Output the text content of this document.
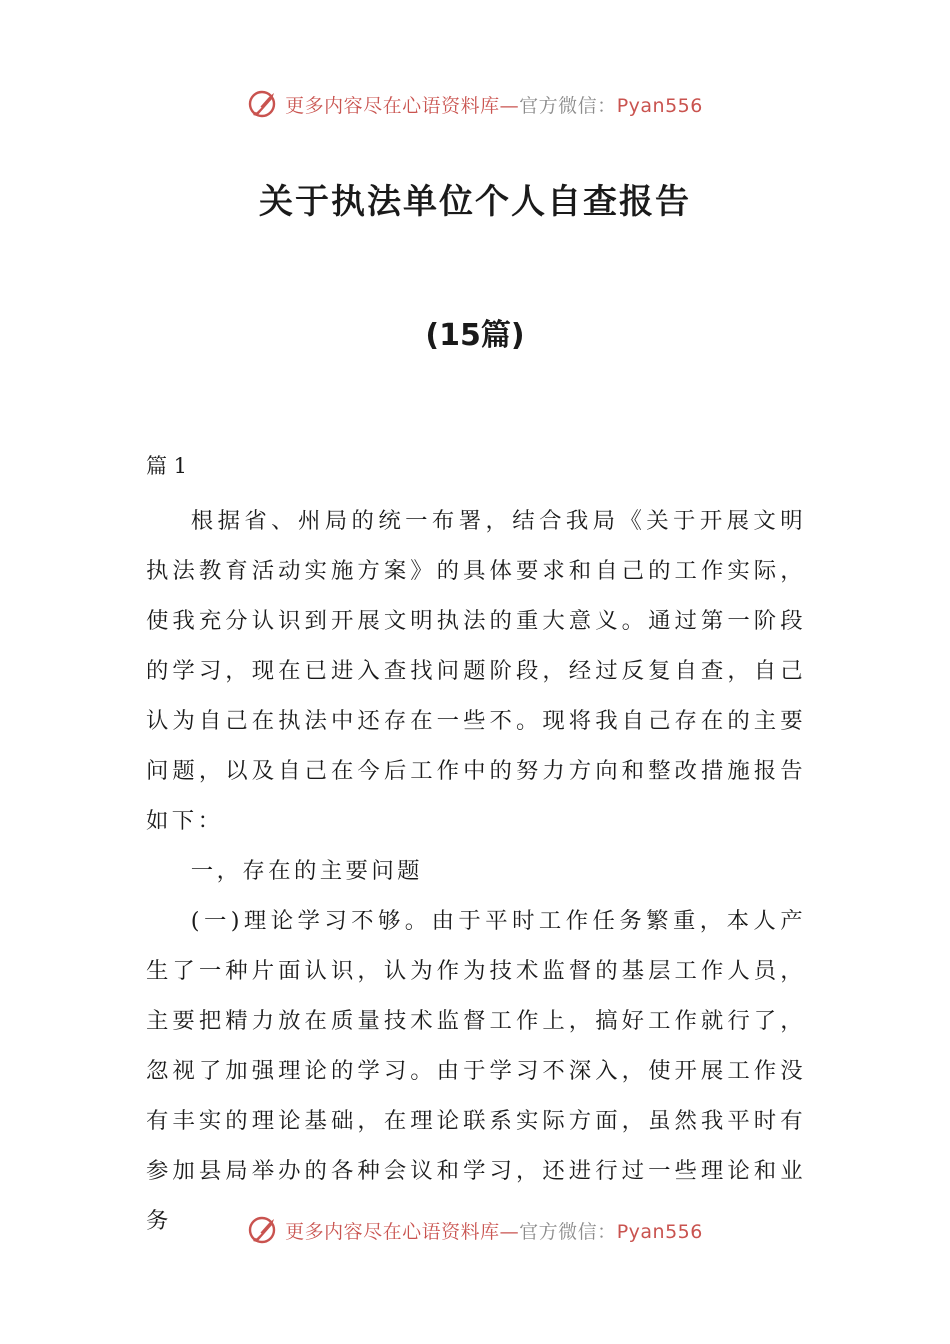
更多内容尽在心语资料库—官方微信：Pyan556
关于执法单位个人自查报告
(15篇)
篇 1

根据省、州局的统一布署，结合我局《关于开展文明执法教育活动实施方案》的具体要求和自己的工作实际，使我充分认识到开展文明执法的重大意义。通过第一阶段的学习，现在已进入查找问题阶段，经过反复自查，自己认为自己在执法中还存在一些不。现将我自己存在的主要问题，以及自己在今后工作中的努力方向和整改措施报告如下：

一，存在的主要问题

(一)理论学习不够。由于平时工作任务繁重，本人产生了一种片面认识，认为作为技术监督的基层工作人员，主要把精力放在质量技术监督工作上，搞好工作就行了，忽视了加强理论的学习。由于学习不深入，使开展工作没有丰实的理论基础，在理论联系实际方面，虽然我平时有参加县局举办的各种会议和学习，还进行过一些理论和业务	更多内容尽在心语资料库—官方微信：Pyan556
